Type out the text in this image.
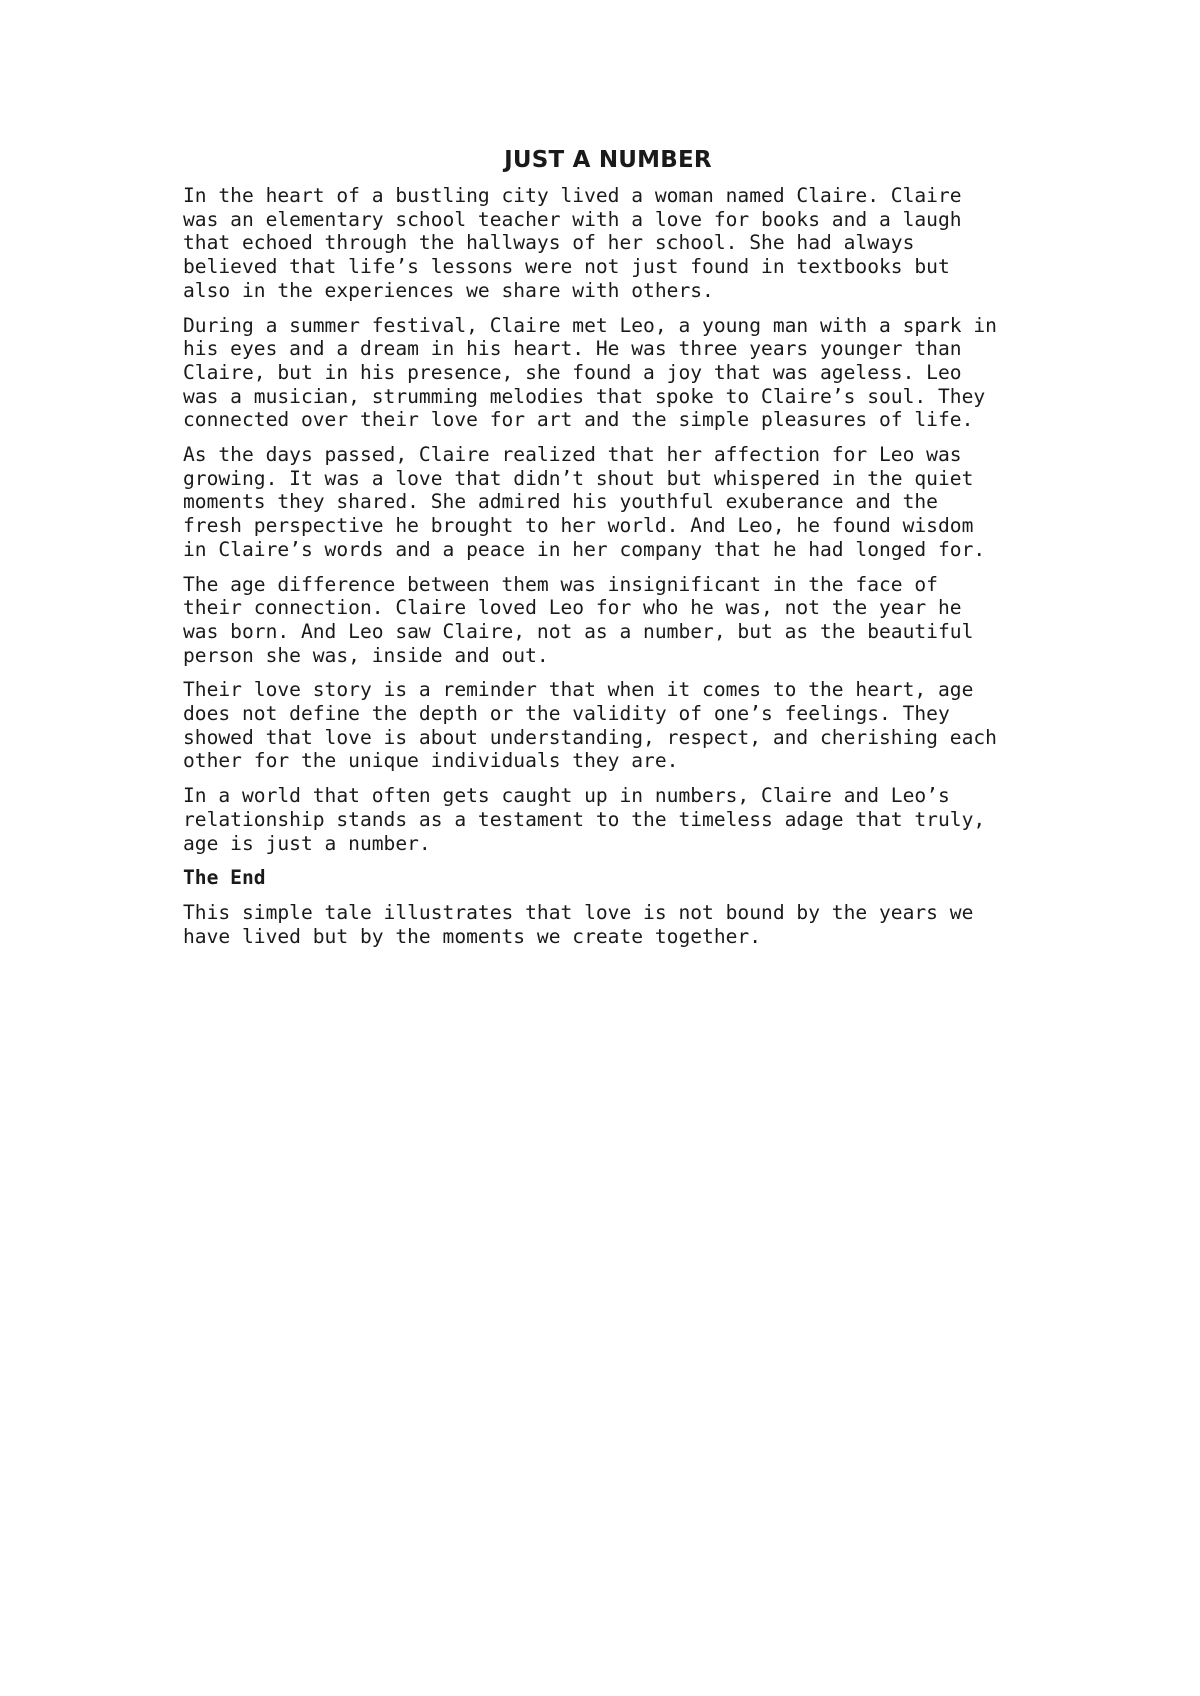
JUST A NUMBER

In the heart of a bustling city lived a woman named Claire. Claire
was an elementary school teacher with a love for books and a laugh
that echoed through the hallways of her school. She had always
believed that life’s lessons were not just found in textbooks but
also in the experiences we share with others.

During a summer festival, Claire met Leo, a young man with a spark in
his eyes and a dream in his heart. He was three years younger than
Claire, but in his presence, she found a joy that was ageless. Leo
was a musician, strumming melodies that spoke to Claire’s soul. They
connected over their love for art and the simple pleasures of life.

As the days passed, Claire realized that her affection for Leo was
growing. It was a love that didn’t shout but whispered in the quiet
moments they shared. She admired his youthful exuberance and the
fresh perspective he brought to her world. And Leo, he found wisdom
in Claire’s words and a peace in her company that he had longed for.

The age difference between them was insignificant in the face of
their connection. Claire loved Leo for who he was, not the year he
was born. And Leo saw Claire, not as a number, but as the beautiful
person she was, inside and out.

Their love story is a reminder that when it comes to the heart, age
does not define the depth or the validity of one’s feelings. They
showed that love is about understanding, respect, and cherishing each
other for the unique individuals they are.

In a world that often gets caught up in numbers, Claire and Leo’s
relationship stands as a testament to the timeless adage that truly,
age is just a number.

The End

This simple tale illustrates that love is not bound by the years we
have lived but by the moments we create together.
